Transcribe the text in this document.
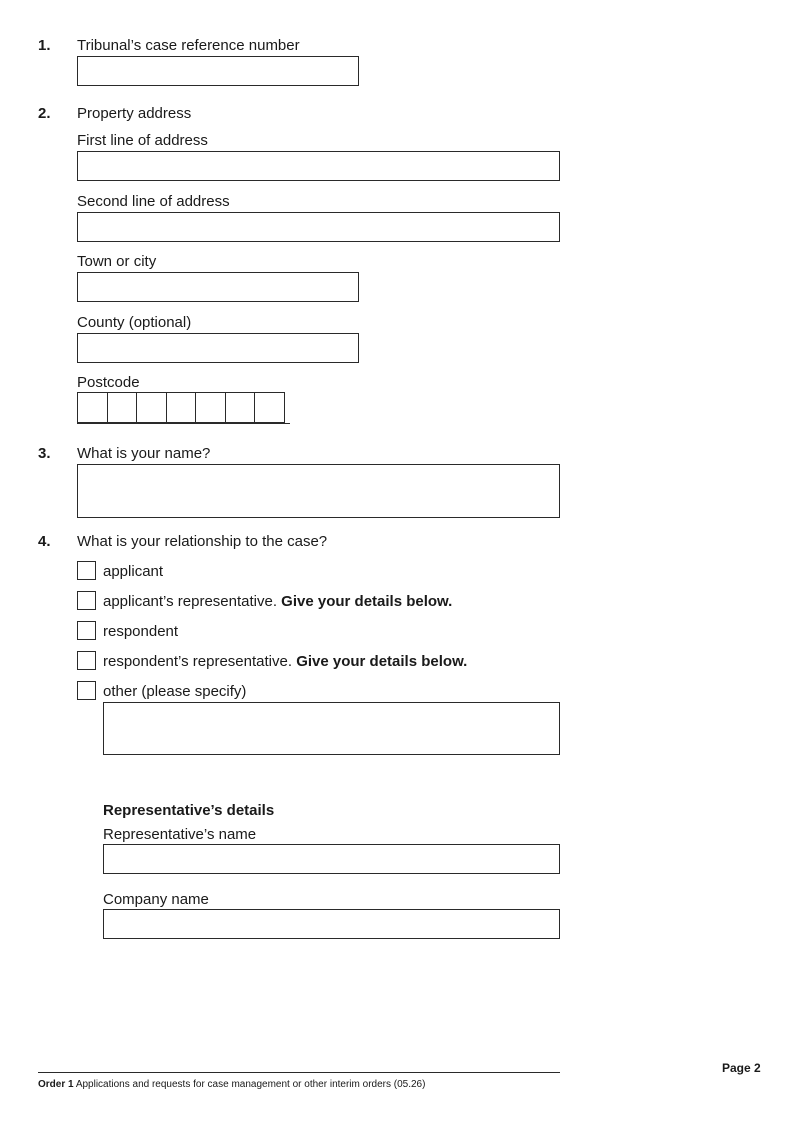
1. Tribunal’s case reference number
2. Property address
First line of address
Second line of address
Town or city
County (optional)
Postcode
3. What is your name?
4. What is your relationship to the case?
applicant
applicant’s representative. Give your details below.
respondent
respondent’s representative. Give your details below.
other (please specify)
Representative’s details
Representative’s name
Company name
Page 2
Order 1 Applications and requests for case management or other interim orders (05.26)
